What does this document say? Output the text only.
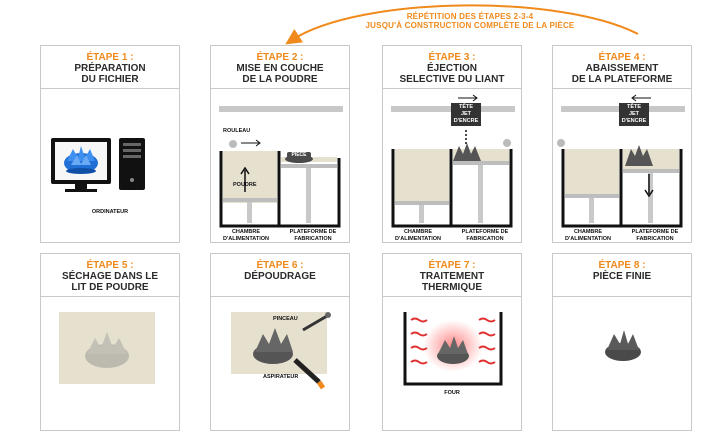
RÉPÉTITION DES ÉTAPES 2-3-4
JUSQU'À CONSTRUCTION COMPLÈTE DE LA PIÈCE
ÉTAPE 1 :
PRÉPARATION
DU FICHIER
ORDINATEUR
ÉTAPE 2 :
MISE EN COUCHE
DE LA POUDRE
ROULEAU
PIÈCE
POUDRE
CHAMBRE
D'ALIMENTATION
PLATEFORME DE
FABRICATION
ÉTAPE 3 :
ÉJECTION
SELECTIVE DU LIANT
TÊTE
JET
D'ENCRE
CHAMBRE
D'ALIMENTATION
PLATEFORME DE
FABRICATION
ÉTAPE 4 :
ABAISSEMENT
DE LA PLATEFORME
TÊTE
JET
D'ENCRE
CHAMBRE
D'ALIMENTATION
PLATEFORME DE
FABRICATION
ÉTAPE 5 :
SÉCHAGE DANS LE
LIT DE POUDRE
ÉTAPE 6 :
DÉPOUDRAGE
PINCEAU
ASPIRATEUR
ÉTAPE 7 :
TRAITEMENT
THERMIQUE
FOUR
ÉTAPE 8 :
PIÈCE FINIE
